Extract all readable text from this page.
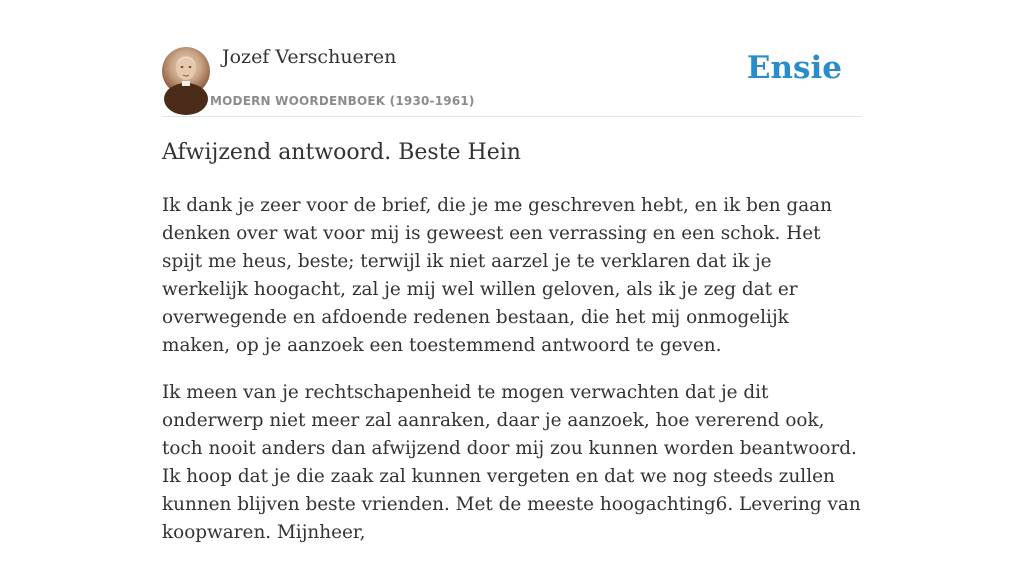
Jozef Verschueren
MODERN WOORDENBOEK (1930-1961)
Ensie
Afwijzend antwoord. Beste Hein

Ik dank je zeer voor de brief, die je me geschreven hebt, en ik ben gaan denken over wat voor mij is geweest een verrassing en een schok. Het spijt me heus, beste; terwijl ik niet aarzel je te verklaren dat ik je werkelijk hoogacht, zal je mij wel willen geloven, als ik je zeg dat er overwegende en afdoende redenen bestaan, die het mij onmogelijk maken, op je aanzoek een toestemmend antwoord te geven.

Ik meen van je rechtschapenheid te mogen verwachten dat je dit onderwerp niet meer zal aanraken, daar je aanzoek, hoe vererend ook, toch nooit anders dan afwijzend door mij zou kunnen worden beantwoord. Ik hoop dat je die zaak zal kunnen vergeten en dat we nog steeds zullen kunnen blijven beste vrienden. Met de meeste hoogachting6. Levering van koopwaren. Mijnheer,
